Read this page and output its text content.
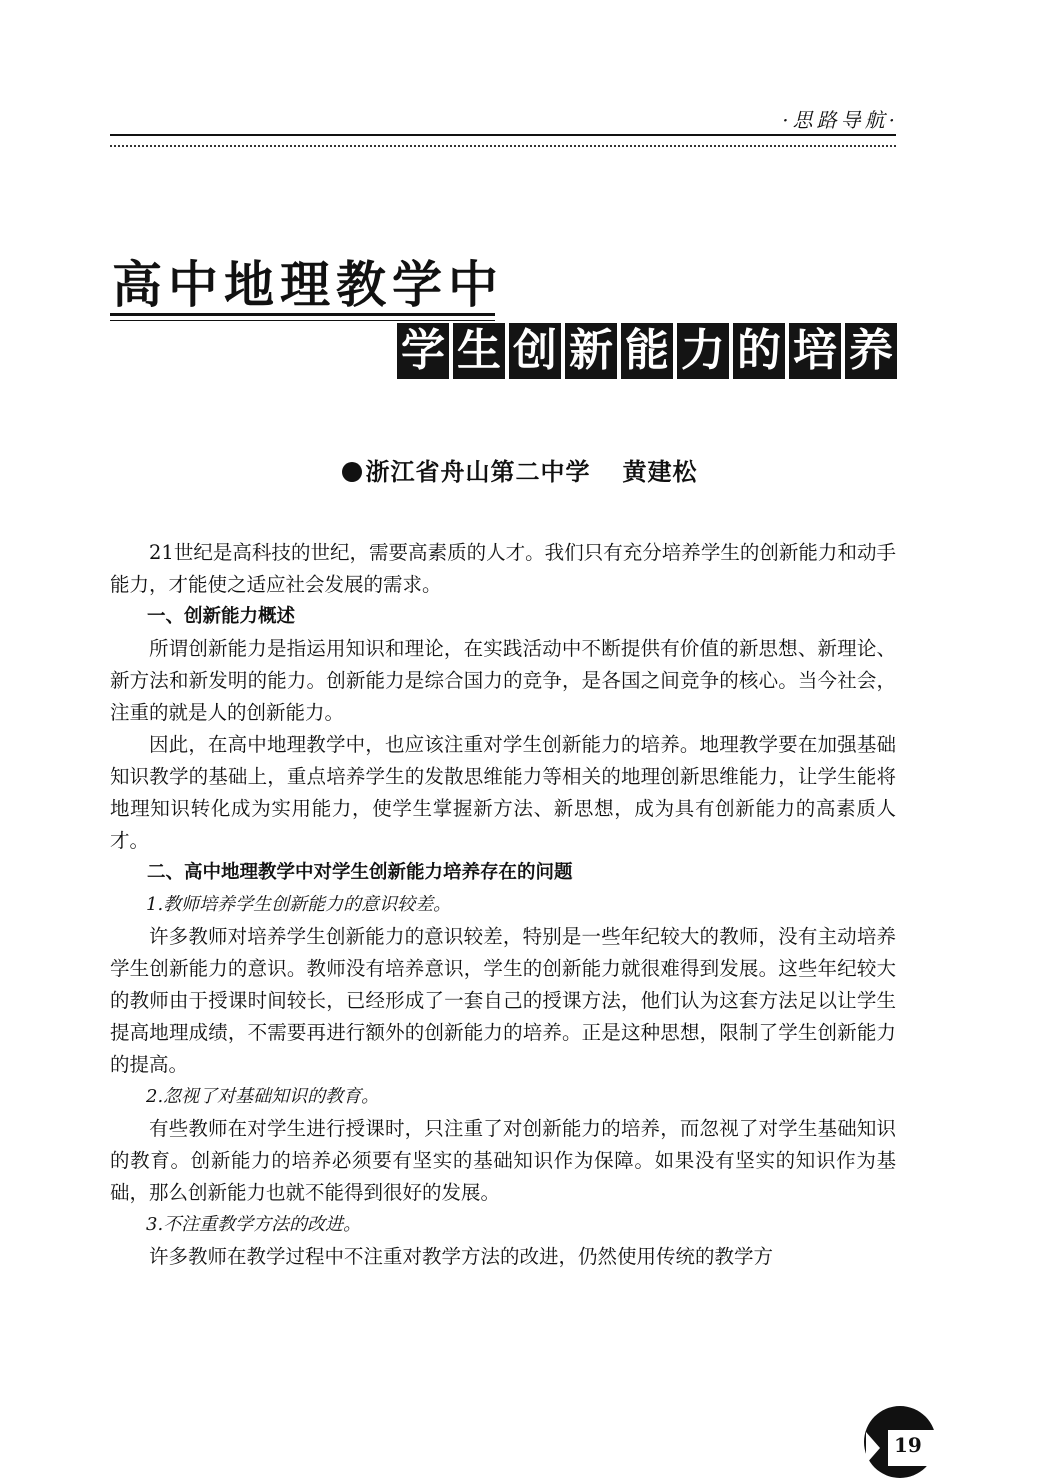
·思路导航·
高中地理教学中
学 生 创 新 能 力 的 培 养
浙江省舟山第二中学 黄建松

21世纪是高科技的世纪，需要高素质的人才。我们只有充分培养学生的创新能力和动手能力，才能使之适应社会发展的需求。

一、创新能力概述

所谓创新能力是指运用知识和理论，在实践活动中不断提供有价值的新思想、新理论、新方法和新发明的能力。创新能力是综合国力的竞争，是各国之间竞争的核心。当今社会，注重的就是人的创新能力。

因此，在高中地理教学中，也应该注重对学生创新能力的培养。地理教学要在加强基础知识教学的基础上，重点培养学生的发散思维能力等相关的地理创新思维能力，让学生能将地理知识转化成为实用能力，使学生掌握新方法、新思想，成为具有创新能力的高素质人才。

二、高中地理教学中对学生创新能力培养存在的问题
1.教师培养学生创新能力的意识较差。

许多教师对培养学生创新能力的意识较差，特别是一些年纪较大的教师，没有主动培养学生创新能力的意识。教师没有培养意识，学生的创新能力就很难得到发展。这些年纪较大的教师由于授课时间较长，已经形成了一套自己的授课方法，他们认为这套方法足以让学生提高地理成绩，不需要再进行额外的创新能力的培养。正是这种思想，限制了学生创新能力的提高。

2.忽视了对基础知识的教育。

有些教师在对学生进行授课时，只注重了对创新能力的培养，而忽视了对学生基础知识的教育。创新能力的培养必须要有坚实的基础知识作为保障。如果没有坚实的知识作为基础，那么创新能力也就不能得到很好的发展。

3.不注重教学方法的改进。

许多教师在教学过程中不注重对教学方法的改进，仍然使用传统的教学方

19
